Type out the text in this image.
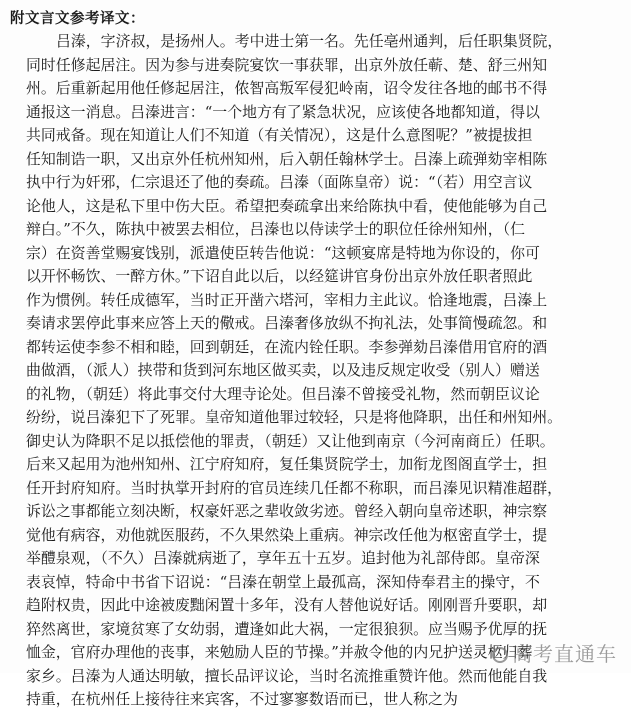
附文言文参考译文：
吕溱，字济叔，是扬州人。考中进士第一名。先任亳州通判，后任职集贤院，
同时任修起居注。因为参与进奏院宴饮一事获罪，出京外放任蕲、楚、舒三州知
州。后重新起用他任修起居注，侬智高叛军侵犯岭南，诏令发往各地的邮书不得
通报这一消息。吕溱进言：“一个地方有了紧急状况，应该使各地都知道，得以
共同戒备。现在知道让人们不知道（有关情况），这是什么意图呢？”被提拔担
任知制诰一职，又出京外任杭州知州，后入朝任翰林学士。吕溱上疏弹劾宰相陈
执中行为奸邪，仁宗退还了他的奏疏。吕溱（面陈皇帝）说：“（若）用空言议
论他人，这是私下里中伤大臣。希望把奏疏拿出来给陈执中看，使他能够为自己
辩白。”不久，陈执中被罢去相位，吕溱也以侍读学士的职位任徐州知州，（仁
宗）在资善堂赐宴饯别，派遣使臣转告他说：“这顿宴席是特地为你设的，你可
以开怀畅饮、一醉方休。”下诏自此以后，以经筵讲官身份出京外放任职者照此
作为惯例。转任成德军，当时正开凿六塔河，宰相力主此议。恰逢地震，吕溱上
奏请求罢停此事来应答上天的儆戒。吕溱奢侈放纵不拘礼法，处事简慢疏忽。和
都转运使李参不相和睦，回到朝廷，在流内铨任职。李参弹劾吕溱借用官府的酒
曲做酒，（派人）挟带和货到河东地区做买卖，以及违反规定收受（别人）赠送
的礼物，（朝廷）将此事交付大理寺论处。但吕溱不曾接受礼物，然而朝臣议论
纷纷，说吕溱犯下了死罪。皇帝知道他罪过较轻，只是将他降职，出任和州知州。
御史认为降职不足以抵偿他的罪责，（朝廷）又让他到南京（今河南商丘）任职。
后来又起用为池州知州、江宁府知府，复任集贤院学士，加衔龙图阁直学士，担
任开封府知府。当时执掌开封府的官员连续几任都不称职，而吕溱见识精准超群，
诉讼之事都能立刻决断，权豪奸恶之辈收敛劣迹。曾经入朝向皇帝述职，神宗察
觉他有病容，劝他就医服药，不久果然染上重病。神宗改任他为枢密直学士，提
举醴泉观，（不久）吕溱就病逝了，享年五十五岁。追封他为礼部侍郎。皇帝深
表哀悼，特命中书省下诏说：“吕溱在朝堂上最孤高，深知侍奉君主的操守，不
趋附权贵，因此中途被废黜闲置十多年，没有人替他说好话。刚刚晋升要职，却
猝然离世，家境贫寒了女幼弱，遭逢如此大祸，一定很狼狈。应当赐予优厚的抚
恤金，官府办理他的丧事，来勉励人臣的节操。”并赦令他的内兄护送灵柩归葬
家乡。吕溱为人通达明敏，擅长品评议论，当时名流推重赞许他。然而他能自我
持重，在杭州任上接待往来宾客，不过寥寥数语而已，世人称之为
高考直通车
